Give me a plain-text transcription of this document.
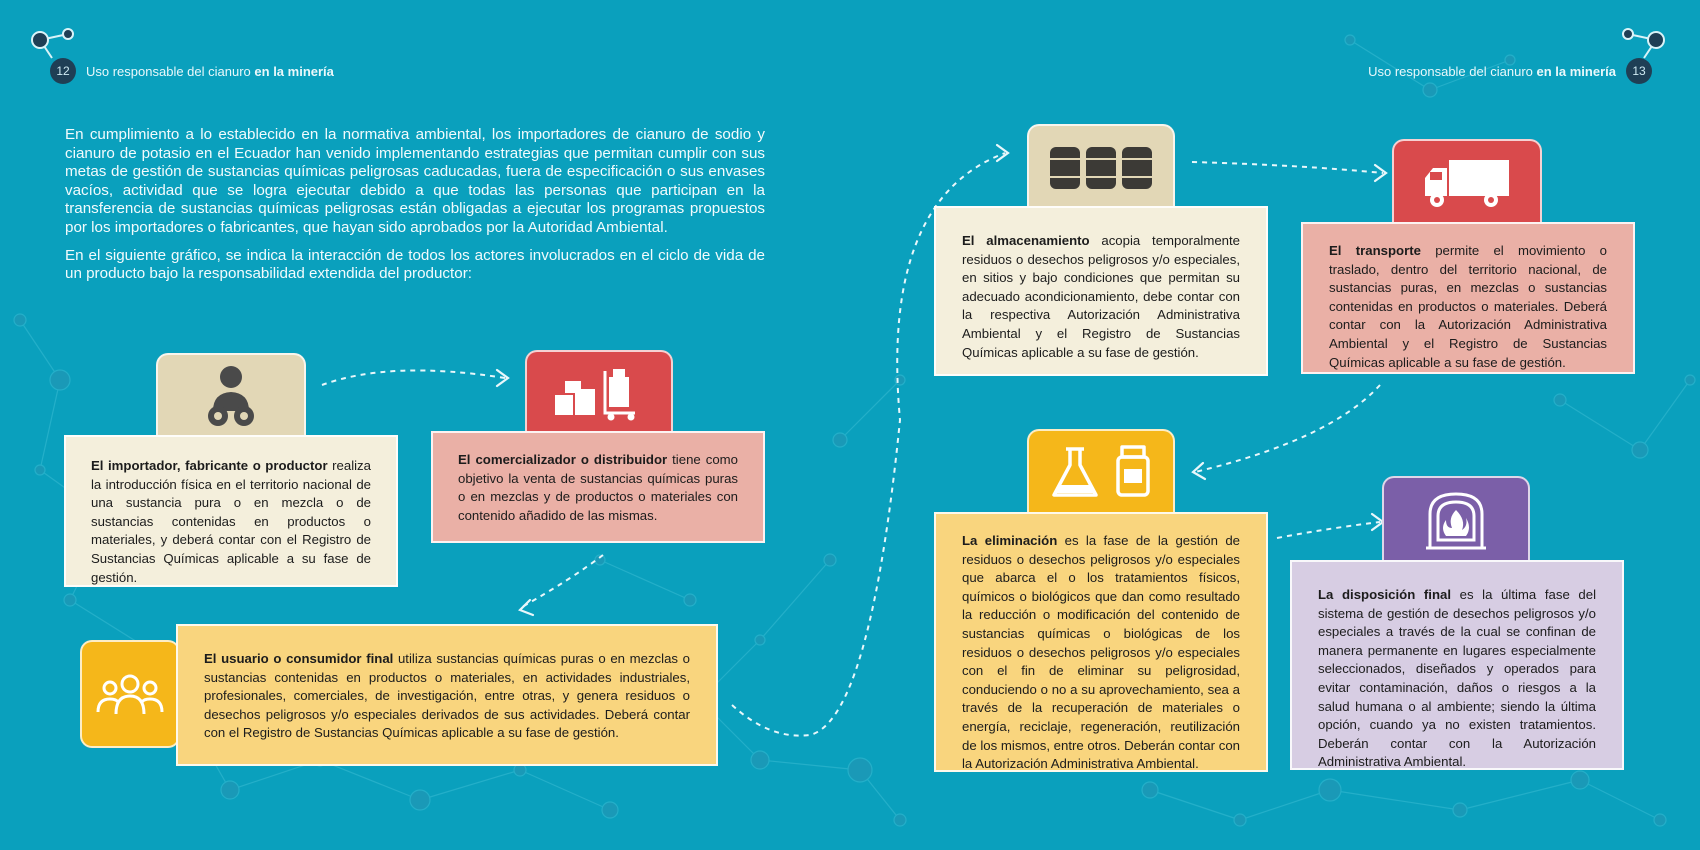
12	Uso responsable del cianuro en la minería	Uso responsable del cianuro en la minería	13

En cumplimiento a lo establecido en la normativa ambiental, los importadores de cianuro de sodio y cianuro de potasio en el Ecuador han venido implementando estrategias que permitan cumplir con sus metas de gestión de sustancias químicas peligrosas caducadas, fuera de especificación o sus envases vacíos, actividad que se logra ejecutar debido a que todas las personas que participan en la transferencia de sustancias químicas peligrosas están obligadas a ejecutar los programas propuestos por los importadores o fabricantes, que hayan sido aprobados por la Autoridad Ambiental.

En el siguiente gráfico, se indica la interacción de todos los actores involucrados en el ciclo de vida de un producto bajo la responsabilidad extendida del productor:

El importador, fabricante o productor realiza la introducción física en el territorio nacional de una sustancia pura o en mezcla o de sustancias contenidas en productos o materiales, y deberá contar con el Registro de Sustancias Químicas aplicable a su fase de gestión.
El comercializador o distribuidor tiene como objetivo la venta de sustancias químicas puras o en mezclas y de productos o materiales con contenido añadido de las mismas.
El usuario o consumidor final utiliza sustancias químicas puras o en mezclas o sustancias contenidas en productos o materiales, en actividades industriales, profesionales, comerciales, de investigación, entre otras, y genera residuos o desechos peligrosos y/o especiales derivados de sus actividades. Deberá contar con el Registro de Sustancias Químicas aplicable a su fase de gestión.
El almacenamiento acopia temporalmente residuos o desechos peligrosos y/o especiales, en sitios y bajo condiciones que permitan su adecuado acondicionamiento, debe contar con la respectiva Autorización Administrativa Ambiental y el Registro de Sustancias Químicas aplicable a su fase de gestión.
El transporte permite el movimiento o traslado, dentro del territorio nacional, de sustancias puras, en mezclas o sustancias contenidas en productos o materiales. Deberá contar con la Autorización Administrativa Ambiental y el Registro de Sustancias Químicas aplicable a su fase de gestión.
La eliminación es la fase de la gestión de residuos o desechos peligrosos y/o especiales que abarca el o los tratamientos físicos, químicos o biológicos que dan como resultado la reducción o modificación del contenido de sustancias químicas o biológicas de los residuos o desechos peligrosos y/o especiales con el fin de eliminar su peligrosidad, conduciendo o no a su aprovechamiento, sea a través de la recuperación de materiales o energía, reciclaje, regeneración, reutilización de los mismos, entre otros. Deberán contar con la Autorización Administrativa Ambiental.
La disposición final es la última fase del sistema de gestión de desechos peligrosos y/o especiales a través de la cual se confinan de manera permanente en lugares especialmente seleccionados, diseñados y operados para evitar contaminación, daños o riesgos a la salud humana o al ambiente; siendo la última opción, cuando ya no existen tratamientos. Deberán contar con la Autorización Administrativa Ambiental.
